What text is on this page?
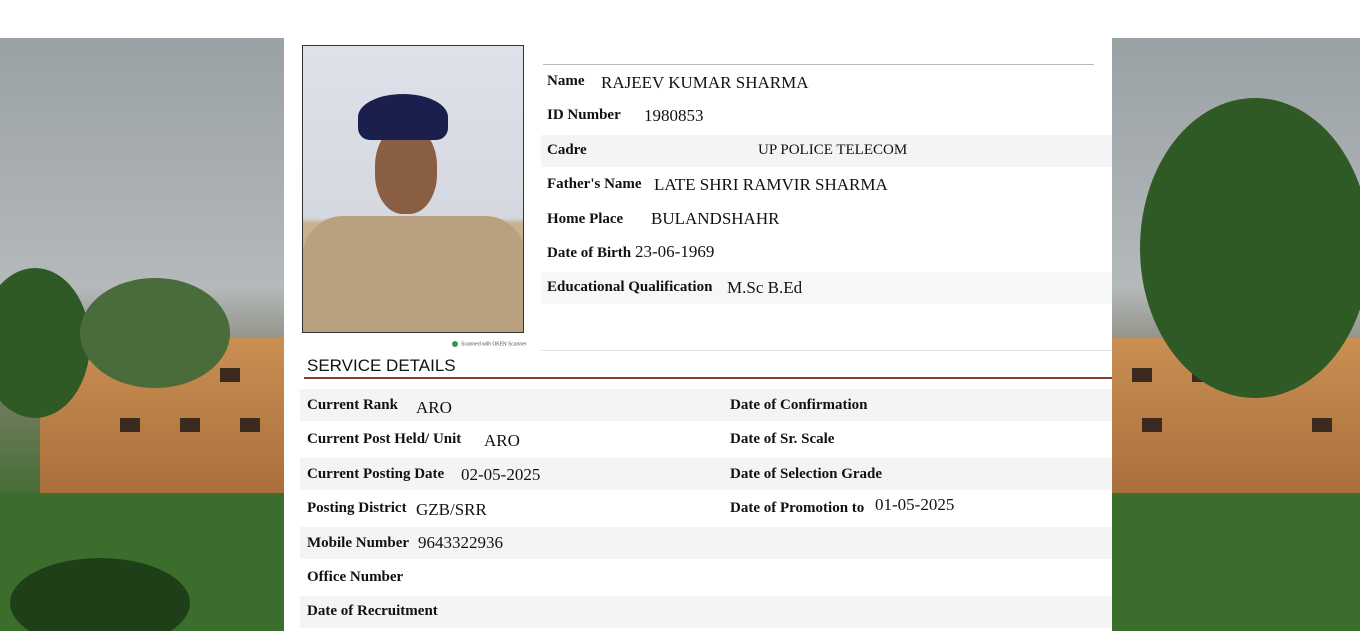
Scanned with OKEN Scanner
Name RAJEEV KUMAR SHARMA
ID Number 1980853
Cadre	UP POLICE TELECOM
Father's Name LATE SHRI RAMVIR SHARMA
Home Place BULANDSHAHR
Date of Birth 23-06-1969
Educational Qualification M.Sc B.Ed
SERVICE DETAILS
Current Rank ARO
Current Post Held/ Unit ARO
Current Posting Date 02-05-2025
Posting District GZB/SRR
Mobile Number 9643322936
Office Number
Date of Recruitment
Date of Confirmation
Date of Sr. Scale
Date of Selection Grade
Date of Promotion to 01-05-2025
